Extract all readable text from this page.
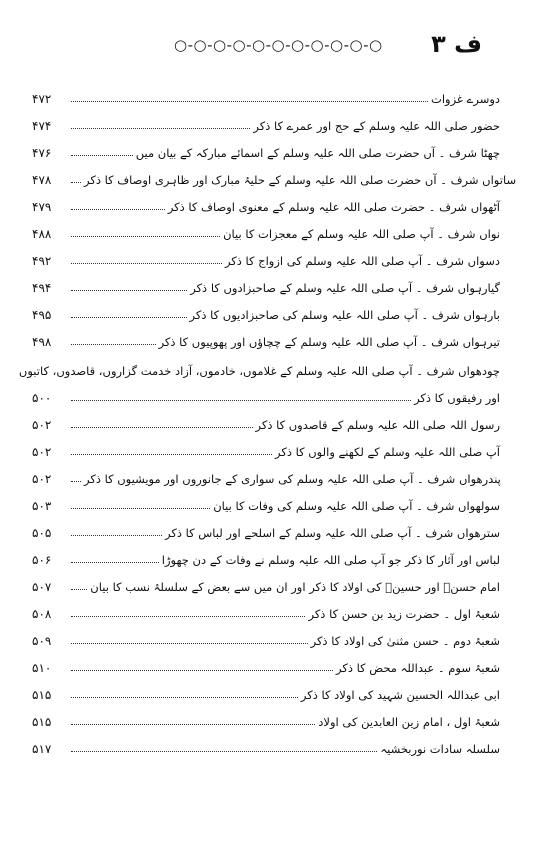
○-○-○-○-○-○-○-○-○-○-○ ف ۳
۴۷۲	دوسرے غزوات
۴۷۴	حضور صلی اللہ علیہ وسلم کے حج اور عمرے کا ذکر
۴۷۶	چھٹا شرف ۔ آں حضرت صلی اللہ علیہ وسلم کے اسمائے مبارکہ کے بیان میں
۴۷۸	ساتواں شرف ۔ آں حضرت صلی اللہ علیہ وسلم کے حلیۂ مبارک اور ظاہری اوصاف کا ذکر
۴۷۹	آٹھواں شرف ۔ حضرت صلی اللہ علیہ وسلم کے معنوی اوصاف کا ذکر
۴۸۸	نواں شرف ۔ آپ صلی اللہ علیہ وسلم کے معجزات کا بیان
۴۹۲	دسواں شرف ۔ آپ صلی اللہ علیہ وسلم کی ازواج کا ذکر
۴۹۴	گیارہواں شرف ۔ آپ صلی اللہ علیہ وسلم کے صاحبزادوں کا ذکر
۴۹۵	بارہواں شرف ۔ آپ صلی اللہ علیہ وسلم کی صاحبزادیوں کا ذکر
۴۹۸	تیرہواں شرف ۔ آپ صلی اللہ علیہ وسلم کے چچاؤں اور پھوپیوں کا ذکر
چودھواں شرف ۔ آپ صلی اللہ علیہ وسلم کے غلاموں، خادموں، آزاد خدمت گزاروں، قاصدوں، کاتبوں
۵۰۰	اور رفیقوں کا ذکر
۵۰۲	رسول اللہ صلی اللہ علیہ وسلم کے قاصدوں کا ذکر
۵۰۲	آپ صلی اللہ علیہ وسلم کے لکھنے والوں کا ذکر
۵۰۲	پندرھواں شرف ۔ آپ صلی اللہ علیہ وسلم کی سواری کے جانوروں اور مویشیوں کا ذکر
۵۰۳	سولھواں شرف ۔ آپ صلی اللہ علیہ وسلم کی وفات کا بیان
۵۰۵	سترھواں شرف ۔ آپ صلی اللہ علیہ وسلم کے اسلحے اور لباس کا ذکر
۵۰۶	لباس اور آثار کا ذکر جو آپ صلی اللہ علیہ وسلم نے وفات کے دن چھوڑا
۵۰۷	امام حسنؓ اور حسینؓ کی اولاد کا ذکر اور ان میں سے بعض کے سلسلۂ نسب کا بیان
۵۰۸	شعبۂ اول ۔ حضرت زید بن حسن کا ذکر
۵۰۹	شعبۂ دوم ۔ حسن مثنیٰ کی اولاد کا ذکر
۵۱۰	شعبۂ سوم ۔ عبداللہ محض کا ذکر
۵۱۵	ابی عبداللہ الحسین شہید کی اولاد کا ذکر
۵۱۵	شعبۂ اول ، امام زین العابدین کی اولاد
۵۱۷	سلسلہ سادات نوربخشیہ
